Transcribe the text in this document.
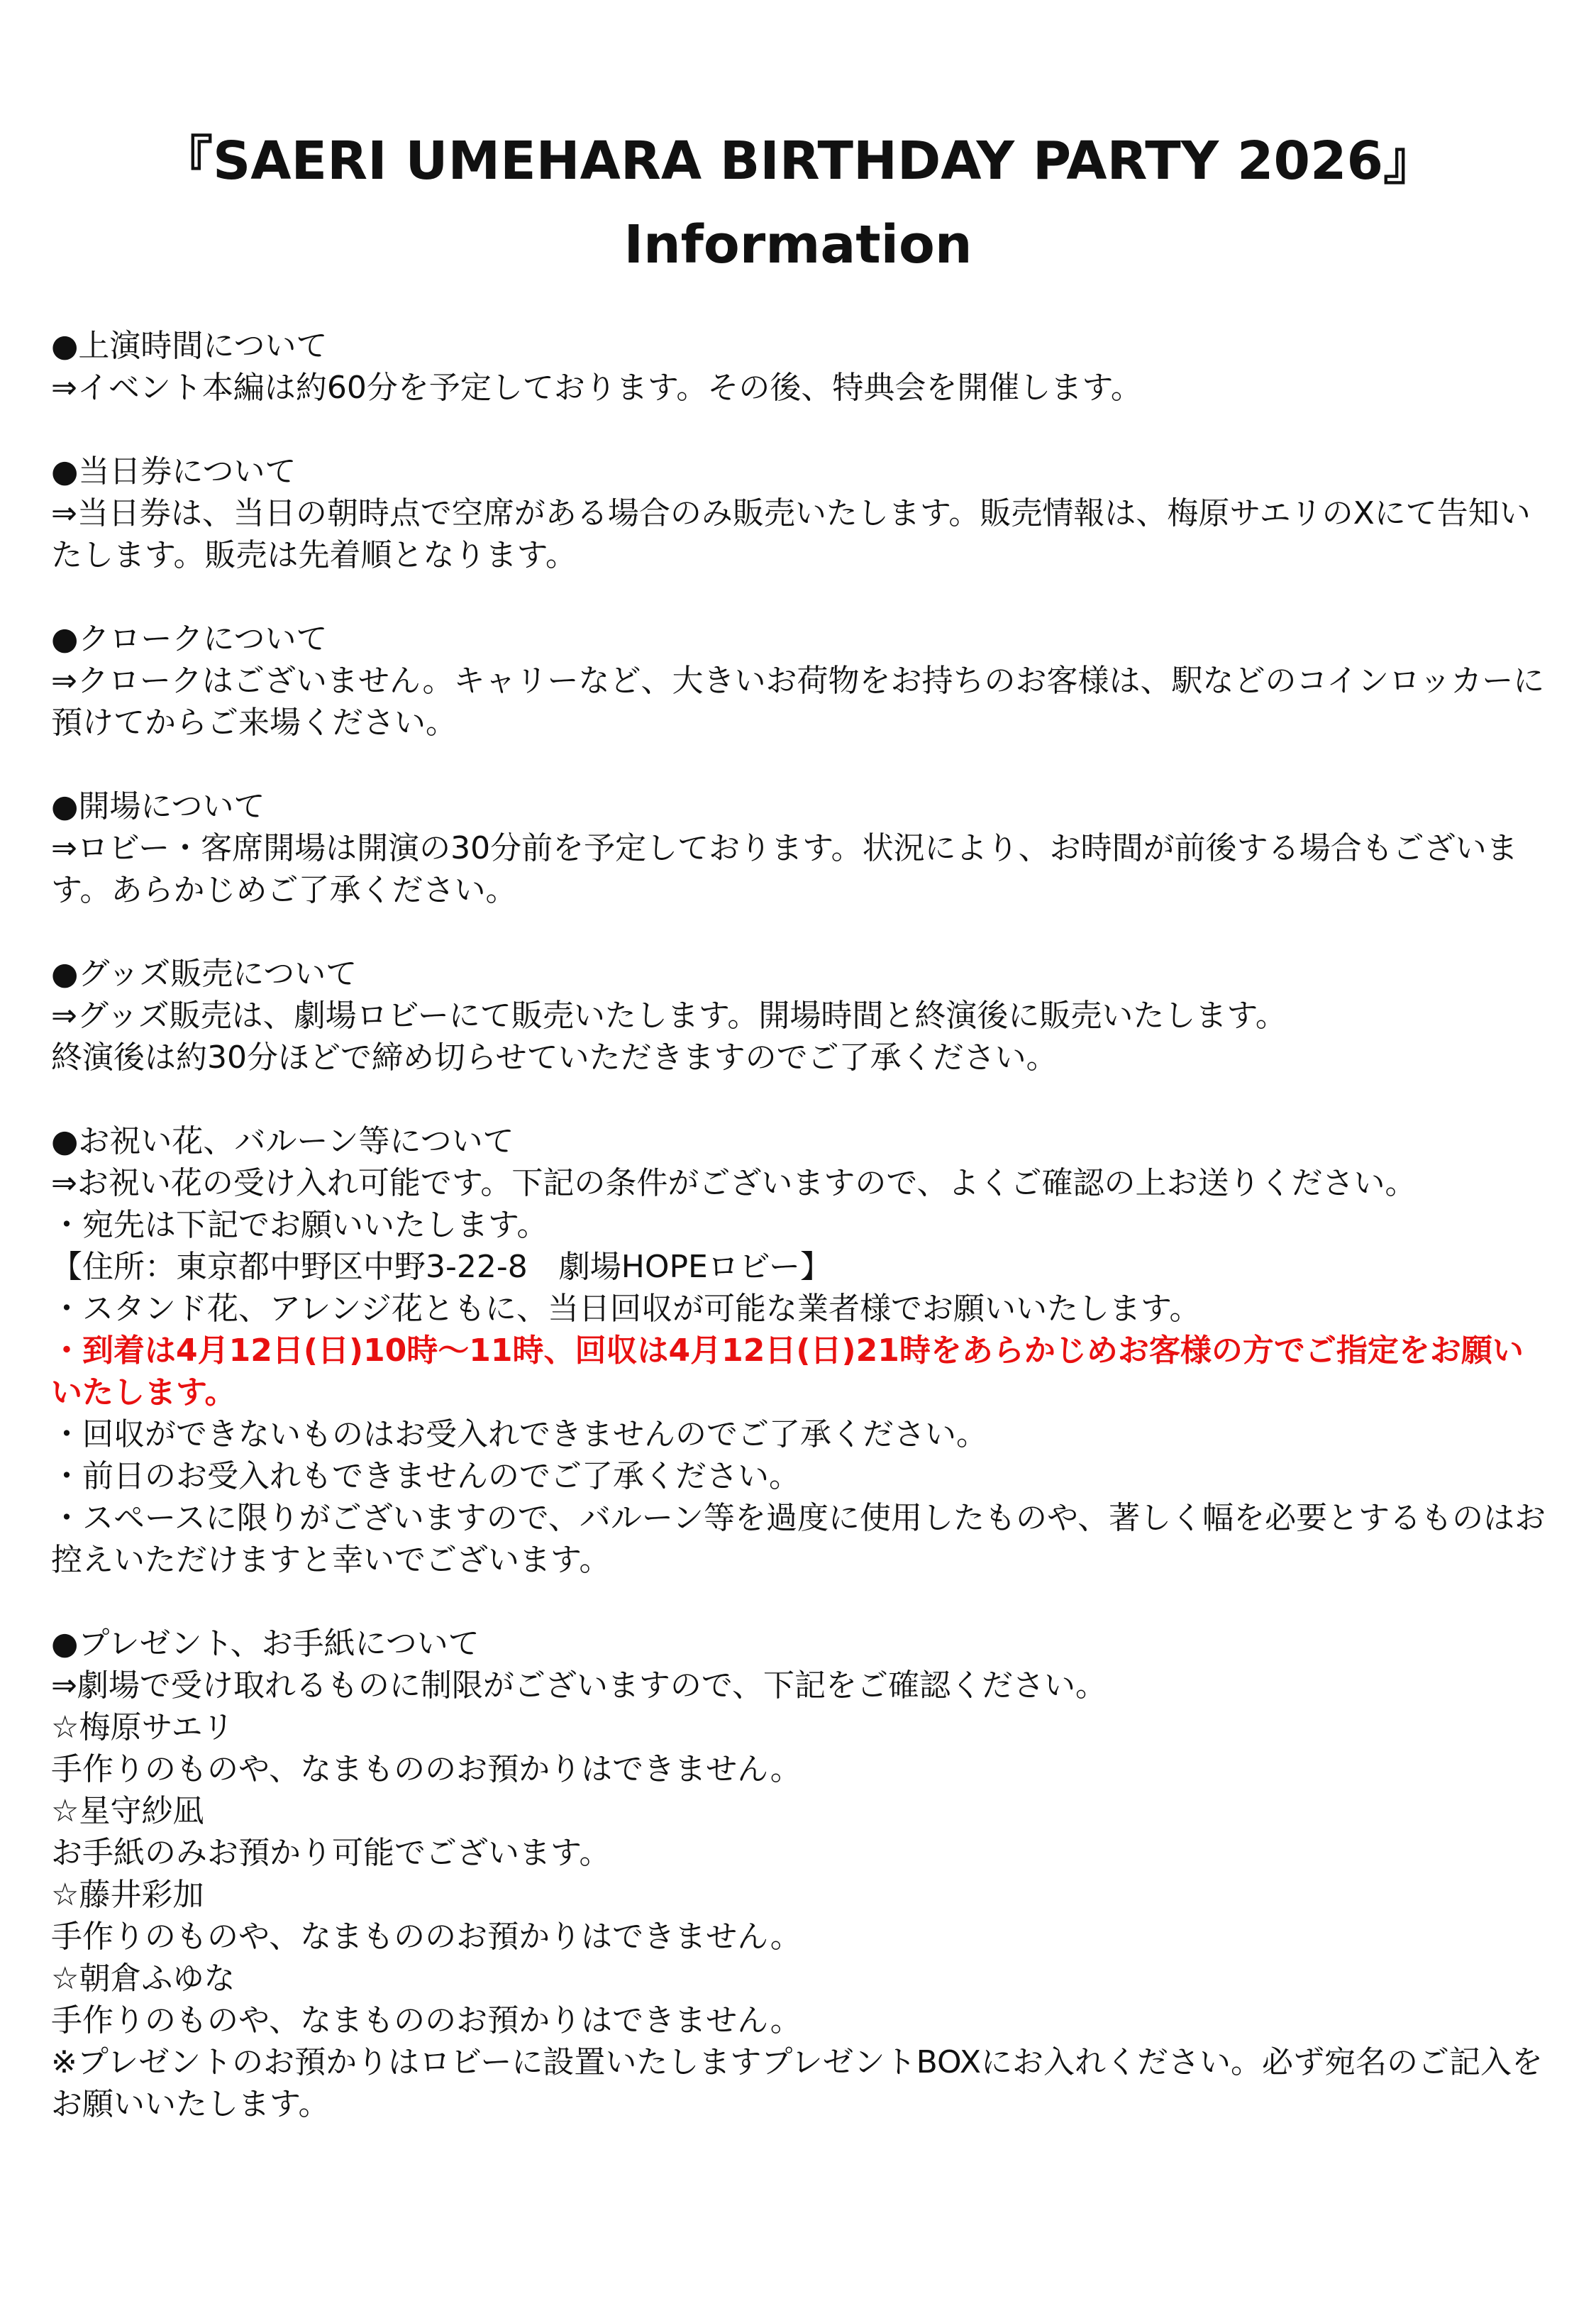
『SAERI UMEHARA BIRTHDAY PARTY 2026』
Information
●上演時間について
⇒イベント本編は約60分を予定しております。その後、特典会を開催します。
●当日券について
⇒当日券は、当日の朝時点で空席がある場合のみ販売いたします。販売情報は、梅原サエリのXにて告知いたします。販売は先着順となります。
●クロークについて
⇒クロークはございません。キャリーなど、大きいお荷物をお持ちのお客様は、駅などのコインロッカーに預けてからご来場ください。
●開場について
⇒ロビー・客席開場は開演の30分前を予定しております。状況により、お時間が前後する場合もございます。あらかじめご了承ください。
●グッズ販売について
⇒グッズ販売は、劇場ロビーにて販売いたします。開場時間と終演後に販売いたします。
終演後は約30分ほどで締め切らせていただきますのでご了承ください。
●お祝い花、バルーン等について
⇒お祝い花の受け入れ可能です。下記の条件がございますので、よくご確認の上お送りください。
・宛先は下記でお願いいたします。
【住所：東京都中野区中野3-22-8　劇場HOPEロビー】
・スタンド花、アレンジ花ともに、当日回収が可能な業者様でお願いいたします。
・到着は4月12日(日)10時～11時、回収は4月12日(日)21時をあらかじめお客様の方でご指定をお願いいたします。
・回収ができないものはお受入れできませんのでご了承ください。
・前日のお受入れもできませんのでご了承ください。
・スペースに限りがございますので、バルーン等を過度に使用したものや、著しく幅を必要とするものはお控えいただけますと幸いでございます。
●プレゼント、お手紙について
⇒劇場で受け取れるものに制限がございますので、下記をご確認ください。
☆梅原サエリ
手作りのものや、なまもののお預かりはできません。
☆星守紗凪
お手紙のみお預かり可能でございます。
☆藤井彩加
手作りのものや、なまもののお預かりはできません。
☆朝倉ふゆな
手作りのものや、なまもののお預かりはできません。
※プレゼントのお預かりはロビーに設置いたしますプレゼントBOXにお入れください。必ず宛名のご記入をお願いいたします。
